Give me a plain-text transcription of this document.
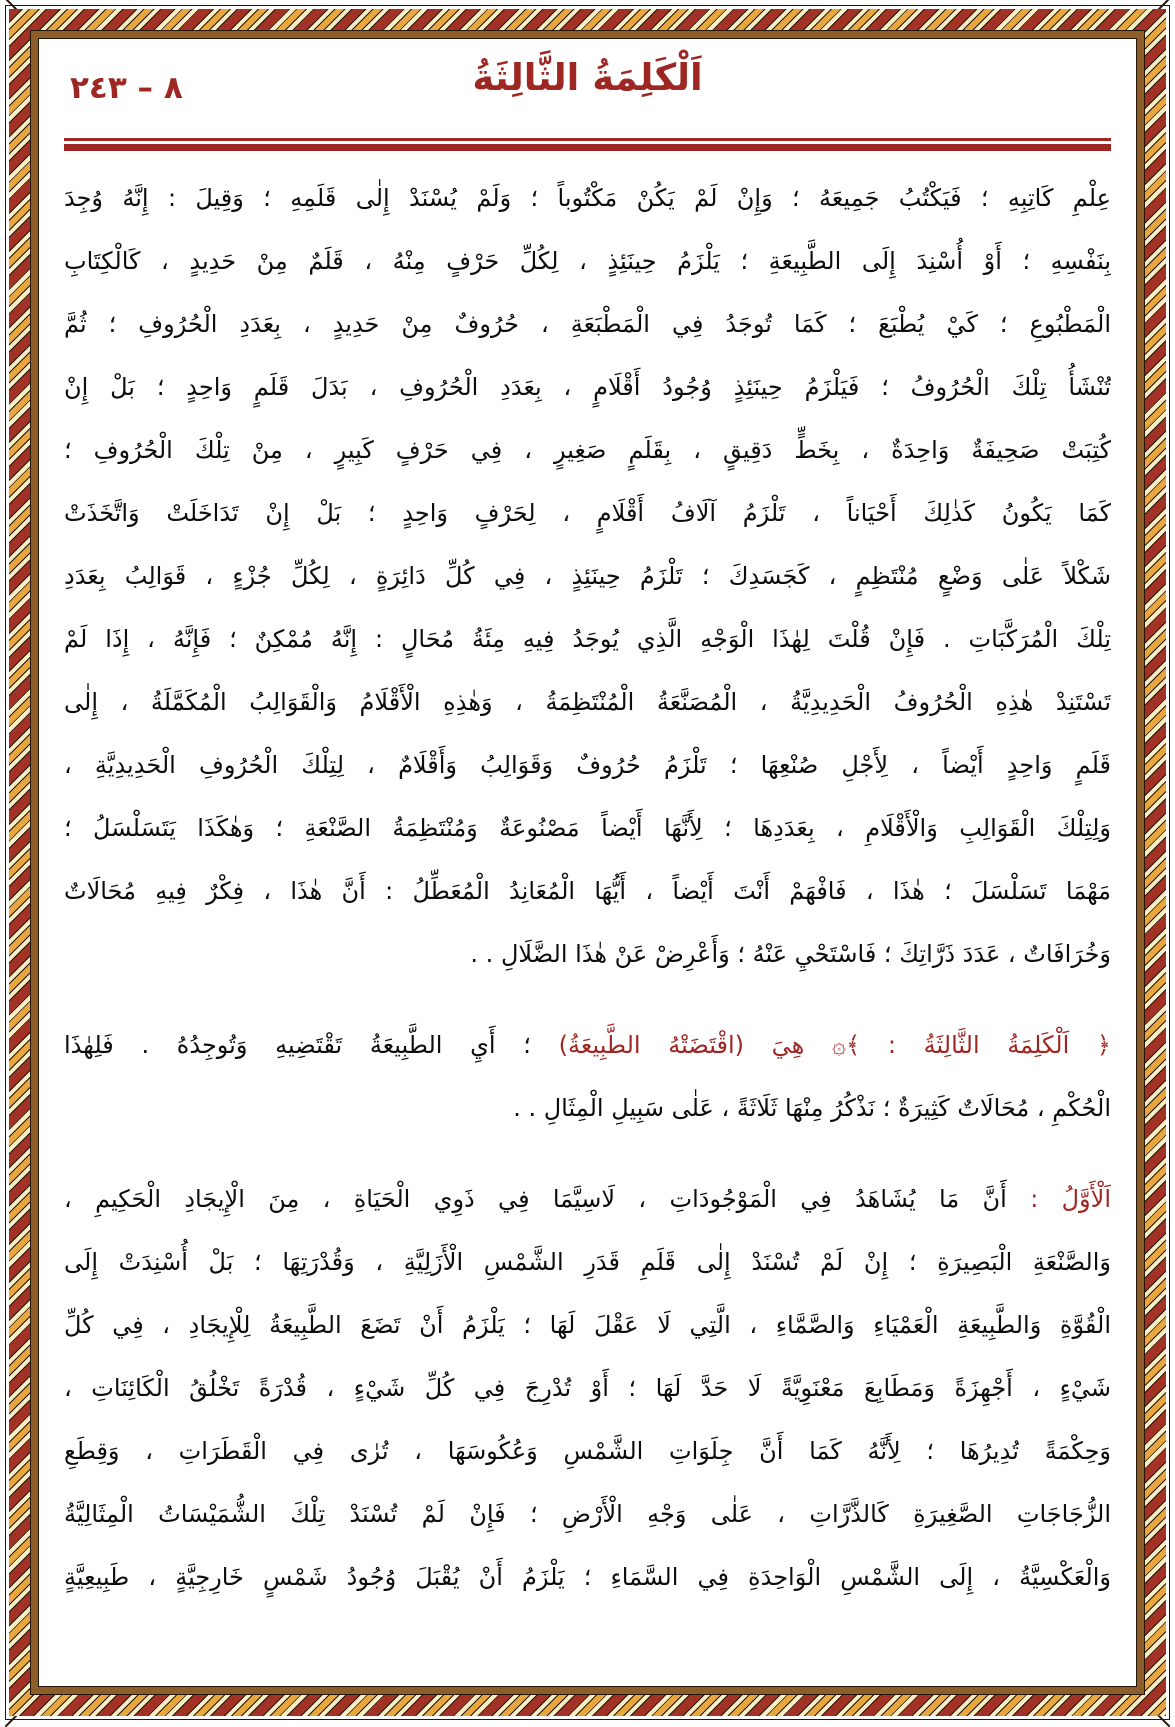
٨ – ٢٤٣	اَلْكَلِمَةُ الثَّالِثَةُ
عِلْمِ كَاتِبِهِ ؛ فَيَكْتُبُ جَمِيعَهُ ؛ وَإِنْ لَمْ يَكُنْ مَكْتُوباً ؛ وَلَمْ يُسْنَدْ إِلٰى قَلَمِهِ ؛ وَقِيلَ : إِنَّهُ وُجِدَ
بِنَفْسِهِ ؛ أَوْ أُسْنِدَ إِلَى الطَّبِيعَةِ ؛ يَلْزَمُ حِينَئِذٍ ، لِكُلِّ حَرْفٍ مِنْهُ ، قَلَمٌ مِنْ حَدِيدٍ ، كَالْكِتَابِ
الْمَطْبُوعِ ؛ كَيْ يُطْبَعَ ؛ كَمَا تُوجَدُ فِي الْمَطْبَعَةِ ، حُرُوفٌ مِنْ حَدِيدٍ ، بِعَدَدِ الْحُرُوفِ ؛ ثُمَّ
تُنْشَأُ تِلْكَ الْحُرُوفُ ؛ فَيَلْزَمُ حِينَئِذٍ وُجُودُ أَقْلَامٍ ، بِعَدَدِ الْحُرُوفِ ، بَدَلَ قَلَمٍ وَاحِدٍ ؛ بَلْ إِنْ
كُتِبَتْ صَحِيفَةٌ وَاحِدَةٌ ، بِخَطٍّ دَقِيقٍ ، بِقَلَمٍ صَغِيرٍ ، فِي حَرْفٍ كَبِيرٍ ، مِنْ تِلْكَ الْحُرُوفِ ؛
كَمَا يَكُونُ كَذٰلِكَ أَحْيَاناً ، تَلْزَمُ آلَافُ أَقْلَامٍ ، لِحَرْفٍ وَاحِدٍ ؛ بَلْ إِنْ تَدَاخَلَتْ وَاتَّخَذَتْ
شَكْلاً عَلٰى وَضْعٍ مُنْتَظِمٍ ، كَجَسَدِكَ ؛ تَلْزَمُ حِينَئِذٍ ، فِي كُلِّ دَائِرَةٍ ، لِكُلِّ جُزْءٍ ، قَوَالِبُ بِعَدَدِ
تِلْكَ الْمُرَكَّبَاتِ . فَإِنْ قُلْتَ لِهٰذَا الْوَجْهِ الَّذِي يُوجَدُ فِيهِ مِئَةُ مُحَالٍ : إِنَّهُ مُمْكِنٌ ؛ فَإِنَّهُ ، إِذَا لَمْ
تَسْتَنِدْ هٰذِهِ الْحُرُوفُ الْحَدِيدِيَّةُ ، الْمُصَنَّعَةُ الْمُنْتَظِمَةُ ، وَهٰذِهِ الْأَقْلَامُ وَالْقَوَالِبُ الْمُكَمَّلَةُ ، إِلٰى
قَلَمٍ وَاحِدٍ أَيْضاً ، لِأَجْلِ صُنْعِهَا ؛ تَلْزَمُ حُرُوفٌ وَقَوَالِبُ وَأَقْلَامٌ ، لِتِلْكَ الْحُرُوفِ الْحَدِيدِيَّةِ ،
وَلِتِلْكَ الْقَوَالِبِ وَالْأَقْلَامِ ، بِعَدَدِهَا ؛ لِأَنَّهَا أَيْضاً مَصْنُوعَةٌ وَمُنْتَظِمَةُ الصَّنْعَةِ ؛ وَهٰكَذَا يَتَسَلْسَلُ ؛
مَهْمَا تَسَلْسَلَ ؛ هٰذَا ، فَافْهَمْ أَنْتَ أَيْضاً ، أَيُّهَا الْمُعَانِدُ الْمُعَطِّلُ : أَنَّ هٰذَا ، فِكْرٌ فِيهِ مُحَالَاتٌ
وَخُرَافَاتٌ ، عَدَدَ ذَرَّاتِكَ ؛ فَاسْتَحْيِ عَنْهُ ؛ وَأَعْرِضْ عَنْ هٰذَا الضَّلَالِ . .
﴿ اَلْكَلِمَةُ الثَّالِثَةُ : ﴾۞ هِيَ (اقْتَضَتْهُ الطَّبِيعَةُ) ؛ أَيِ الطَّبِيعَةُ تَقْتَضِيهِ وَتُوجِدُهُ . فَلِهٰذَا
الْحُكْمِ ، مُحَالَاتٌ كَثِيرَةٌ ؛ نَذْكُرُ مِنْهَا ثَلَاثَةً ، عَلٰى سَبِيلِ الْمِثَالِ . .
اَلْأَوَّلُ : أَنَّ مَا يُشَاهَدُ فِي الْمَوْجُودَاتِ ، لَاسِيَّمَا فِي ذَوِي الْحَيَاةِ ، مِنَ الْإِيجَادِ الْحَكِيمِ ،
وَالصَّنْعَةِ الْبَصِيرَةِ ؛ إِنْ لَمْ تُسْنَدْ إِلٰى قَلَمِ قَدَرِ الشَّمْسِ الْأَزَلِيَّةِ ، وَقُدْرَتِهَا ؛ بَلْ أُسْنِدَتْ إِلَى
الْقُوَّةِ وَالطَّبِيعَةِ الْعَمْيَاءِ وَالصَّمَّاءِ ، الَّتِي لَا عَقْلَ لَهَا ؛ يَلْزَمُ أَنْ تَضَعَ الطَّبِيعَةُ لِلْإِيجَادِ ، فِي كُلِّ
شَيْءٍ ، أَجْهِزَةً وَمَطَابِعَ مَعْنَوِيَّةً لَا حَدَّ لَهَا ؛ أَوْ تُدْرِجَ فِي كُلِّ شَيْءٍ ، قُدْرَةً تَخْلُقُ الْكَائِنَاتِ ،
وَحِكْمَةً تُدِيرُهَا ؛ لِأَنَّهُ كَمَا أَنَّ جِلَوَاتِ الشَّمْسِ وَعُكُوسَهَا ، تُرٰى فِي الْقَطَرَاتِ ، وَقِطَعِ
الزُّجَاجَاتِ الصَّغِيرَةِ كَالذَّرَّاتِ ، عَلٰى وَجْهِ الْأَرْضِ ؛ فَإِنْ لَمْ تُسْنَدْ تِلْكَ الشُّمَيْسَاتُ الْمِثَالِيَّةُ
وَالْعَكْسِيَّةُ ، إِلَى الشَّمْسِ الْوَاحِدَةِ فِي السَّمَاءِ ؛ يَلْزَمُ أَنْ يُقْبَلَ وُجُودُ شَمْسٍ خَارِجِيَّةٍ ، طَبِيعِيَّةٍ
